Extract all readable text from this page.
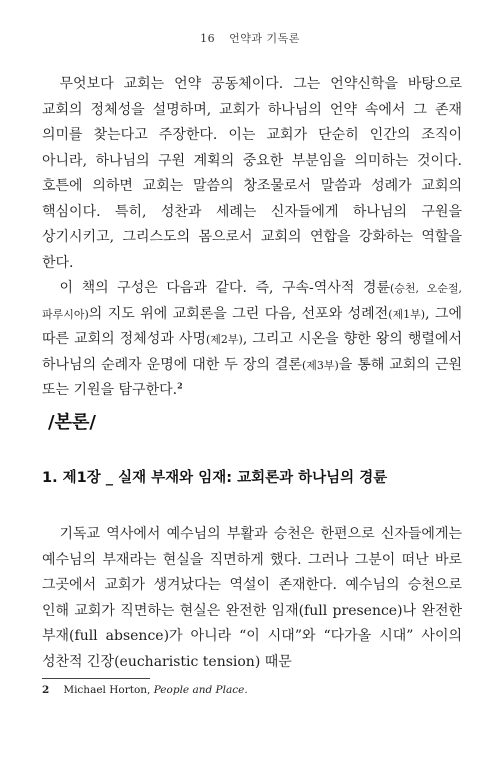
16 언약과 기독론

무엇보다 교회는 언약 공동체이다. 그는 언약신학을 바탕으로 교회의 정체성을 설명하며, 교회가 하나님의 언약 속에서 그 존재 의미를 찾는다고 주장한다. 이는 교회가 단순히 인간의 조직이 아니라, 하나님의 구원 계획의 중요한 부분임을 의미하는 것이다. 호튼에 의하면 교회는 말씀의 창조물로서 말씀과 성례가 교회의 핵심이다. 특히, 성찬과 세례는 신자들에게 하나님의 구원을 상기시키고, 그리스도의 몸으로서 교회의 연합을 강화하는 역할을 한다.

이 책의 구성은 다음과 같다. 즉, 구속-역사적 경륜(승천, 오순절, 파루시아)의 지도 위에 교회론을 그린 다음, 선포와 성례전(제1부), 그에 따른 교회의 정체성과 사명(제2부), 그리고 시온을 향한 왕의 행렬에서 하나님의 순례자 운명에 대한 두 장의 결론(제3부)을 통해 교회의 근원 또는 기원을 탐구한다.$^2$

/본론/
1. 제1장 _ 실재 부재와 임재: 교회론과 하나님의 경륜

기독교 역사에서 예수님의 부활과 승천은 한편으로 신자들에게는 예수님의 부재라는 현실을 직면하게 했다. 그러나 그분이 떠난 바로 그곳에서 교회가 생겨났다는 역설이 존재한다. 예수님의 승천으로 인해 교회가 직면하는 현실은 완전한 임재(full presence)나 완전한 부재(full absence)가 아니라 “이 시대”와 “다가올 시대” 사이의 성찬적 긴장(eucharistic tension) 때문

2 Michael Horton, People and Place.
